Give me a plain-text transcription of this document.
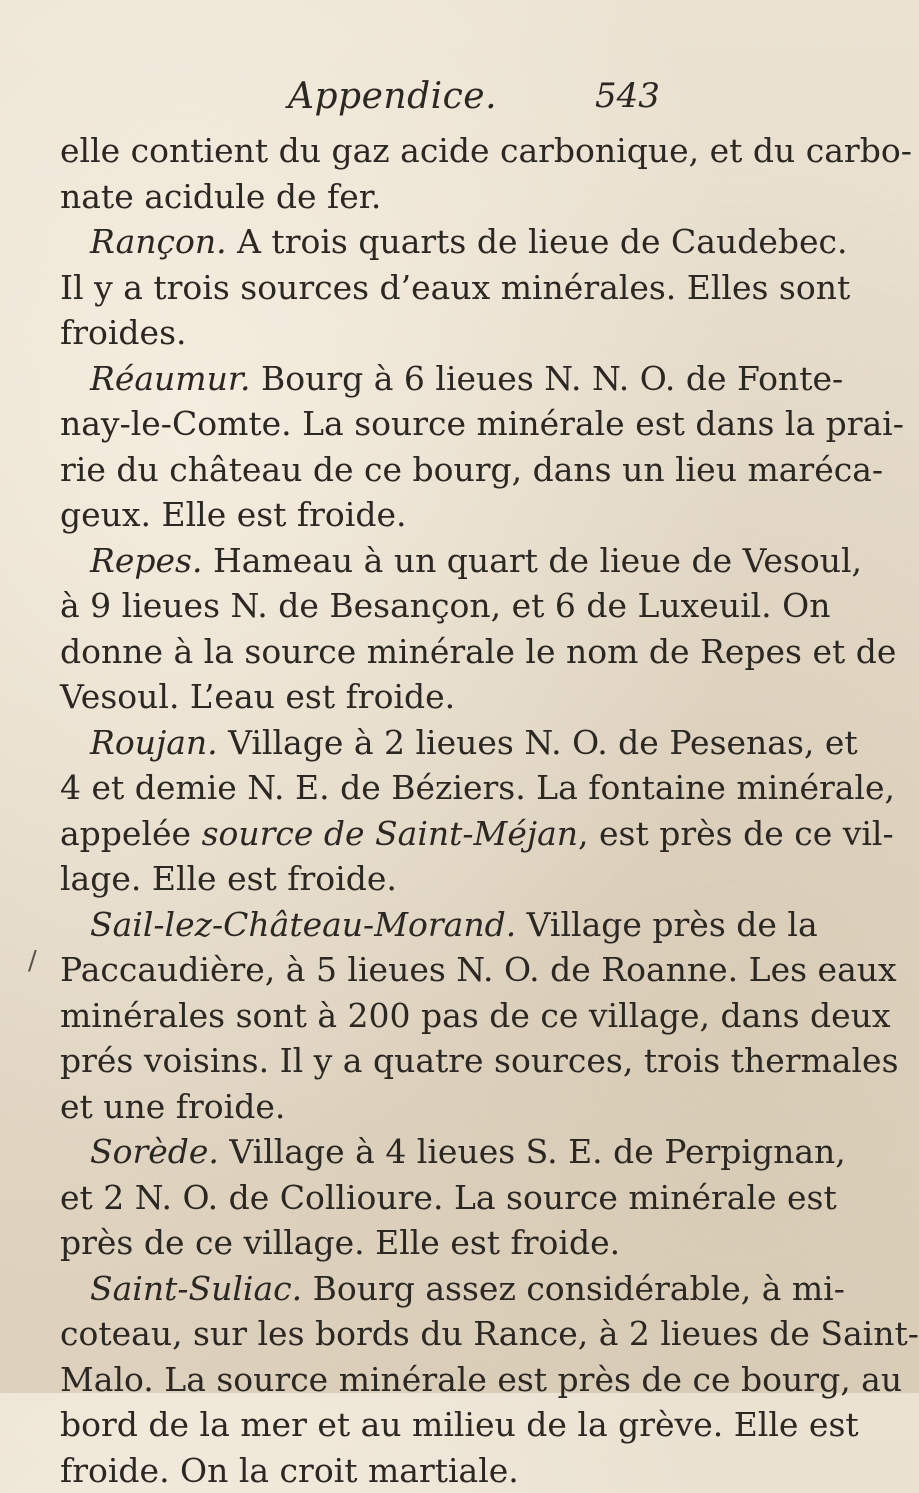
Appendice.	543
/
elle contient du gaz acide carbonique, et du carbo-
nate acidule de fer.
Rançon. A trois quarts de lieue de Caudebec.
Il y a trois sources d’eaux minérales. Elles sont
froides.
Réaumur. Bourg à 6 lieues N. N. O. de Fonte-
nay-le-Comte. La source minérale est dans la prai-
rie du château de ce bourg, dans un lieu maréca-
geux. Elle est froide.
Repes. Hameau à un quart de lieue de Vesoul,
à 9 lieues N. de Besançon, et 6 de Luxeuil. On
donne à la source minérale le nom de Repes et de
Vesoul. L’eau est froide.
Roujan. Village à 2 lieues N. O. de Pesenas, et
4 et demie N. E. de Béziers. La fontaine minérale,
appelée source de Saint-Méjan, est près de ce vil-
lage. Elle est froide.
Sail-lez-Château-Morand. Village près de la
Paccaudière, à 5 lieues N. O. de Roanne. Les eaux
minérales sont à 200 pas de ce village, dans deux
prés voisins. Il y a quatre sources, trois thermales
et une froide.
Sorède. Village à 4 lieues S. E. de Perpignan,
et 2 N. O. de Collioure. La source minérale est
près de ce village. Elle est froide.
Saint-Suliac. Bourg assez considérable, à mi-
coteau, sur les bords du Rance, à 2 lieues de Saint-
Malo. La source minérale est près de ce bourg, au
bord de la mer et au milieu de la grève. Elle est
froide. On la croit martiale.
